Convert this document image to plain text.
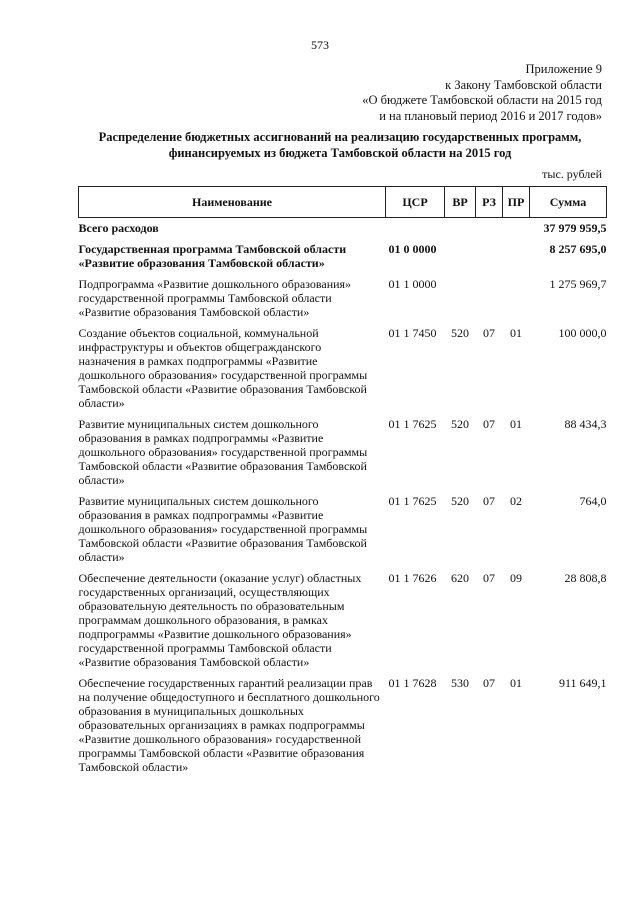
573
Приложение 9
к Закону Тамбовской области
«О бюджете Тамбовской области на 2015 год
и на плановый период 2016 и 2017 годов»
Распределение бюджетных ассигнований на реализацию государственных программ,
финансируемых из бюджета Тамбовской области на 2015 год
тыс. рублей
Наименование	ЦСР	ВР	РЗ	ПР	Сумма
Всего расходов					37 979 959,5
Государственная программа Тамбовской области «Развитие образования Тамбовской области»	01 0 0000				8 257 695,0
Подпрограмма «Развитие дошкольного образования» государственной программы Тамбовской области «Развитие образования Тамбовской области»	01 1 0000				1 275 969,7
Создание объектов социальной, коммунальной инфраструктуры и объектов общегражданского назначения в рамках подпрограммы «Развитие дошкольного образования» государственной программы Тамбовской области «Развитие образования Тамбовской области»	01 1 7450	520	07	01	100 000,0
Развитие муниципальных систем дошкольного образования в рамках подпрограммы «Развитие дошкольного образования» государственной программы Тамбовской области «Развитие образования Тамбовской области»	01 1 7625	520	07	01	88 434,3
Развитие муниципальных систем дошкольного образования в рамках подпрограммы «Развитие дошкольного образования» государственной программы Тамбовской области «Развитие образования Тамбовской области»	01 1 7625	520	07	02	764,0
Обеспечение деятельности (оказание услуг) областных государственных организаций, осуществляющих образовательную деятельность по образовательным программам дошкольного образования, в рамках подпрограммы «Развитие дошкольного образования» государственной программы Тамбовской области «Развитие образования Тамбовской области»	01 1 7626	620	07	09	28 808,8
Обеспечение государственных гарантий реализации прав на получение общедоступного и бесплатного дошкольного образования в муниципальных дошкольных образовательных организациях в рамках подпрограммы «Развитие дошкольного образования» государственной программы Тамбовской области «Развитие образования Тамбовской области»	01 1 7628	530	07	01	911 649,1
